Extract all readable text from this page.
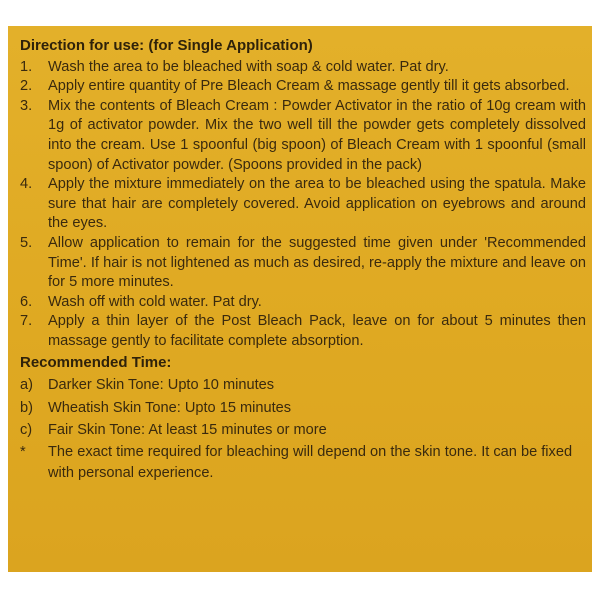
Direction for use: (for Single Application)
1.	Wash the area to be bleached with soap & cold water. Pat dry.
2.	Apply entire quantity of Pre Bleach Cream & massage gently till it gets absorbed.
3.	Mix the contents of Bleach Cream : Powder Activator in the ratio of 10g cream with 1g of activator powder. Mix the two well till the powder gets completely dissolved into the cream. Use 1 spoonful (big spoon) of Bleach Cream with 1 spoonful (small spoon) of Activator powder. (Spoons provided in the pack)
4.	Apply the mixture immediately on the area to be bleached using the spatula. Make sure that hair are completely covered. Avoid application on eyebrows and around the eyes.
5.	Allow application to remain for the suggested time given under 'Recommended Time'. If hair is not lightened as much as desired, re-apply the mixture and leave on for 5 more minutes.
6.	Wash off with cold water. Pat dry.
7.	Apply a thin layer of the Post Bleach Pack, leave on for about 5 minutes then massage gently to facilitate complete absorption.
Recommended Time:
a)	Darker Skin Tone: Upto 10 minutes
b)	Wheatish Skin Tone: Upto 15 minutes
c)	Fair Skin Tone: At least 15 minutes or more
*	The exact time required for bleaching will depend on the skin tone. It can be fixed with personal experience.
